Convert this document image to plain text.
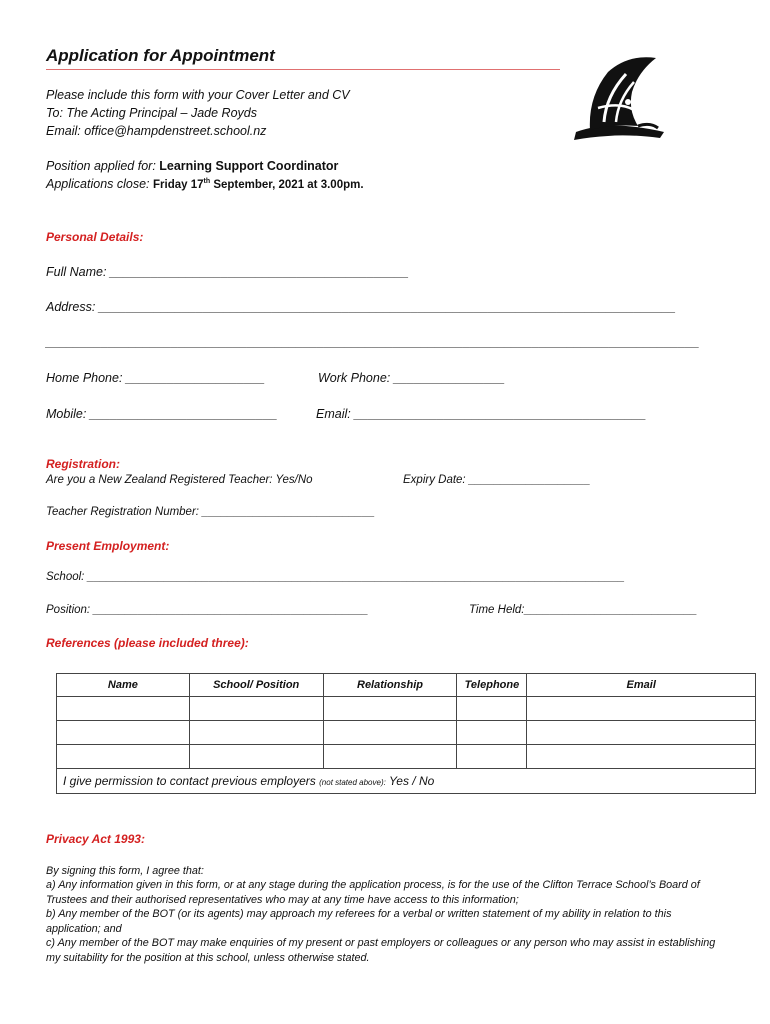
Application for Appointment
Please include this form with your Cover Letter and CV
To: The Acting Principal – Jade Royds
Email: office@hampdenstreet.school.nz
Position applied for: Learning Support Coordinator
Applications close: Friday 17th September, 2021 at 3.00pm.
Personal Details:
Full Name: ___________________________________________
Address: ___________________________________________________________________________________
______________________________________________________________________________________________
Home Phone: ____________________	Work Phone: ________________
Mobile: ___________________________	Email: __________________________________________
Registration:
Are you a New Zealand Registered Teacher: Yes/No	Expiry Date: ___________________
Teacher Registration Number: ___________________________
Present Employment:
School: ____________________________________________________________________________________
Position: ___________________________________________	Time Held:___________________________
References (please included three):
Name	School/ Position	Relationship	Telephone	Email

I give permission to contact previous employers (not stated above): Yes / No				
Privacy Act 1993:
By signing this form, I agree that:
a) Any information given in this form, or at any stage during the application process, is for the use of the Clifton Terrace School’s Board of Trustees and their authorised representatives who may at any time have access to this information;
b) Any member of the BOT (or its agents) may approach my referees for a verbal or written statement of my ability in relation to this application; and
c) Any member of the BOT may make enquiries of my present or past employers or colleagues or any person who may assist in establishing my suitability for the position at this school, unless otherwise stated.
